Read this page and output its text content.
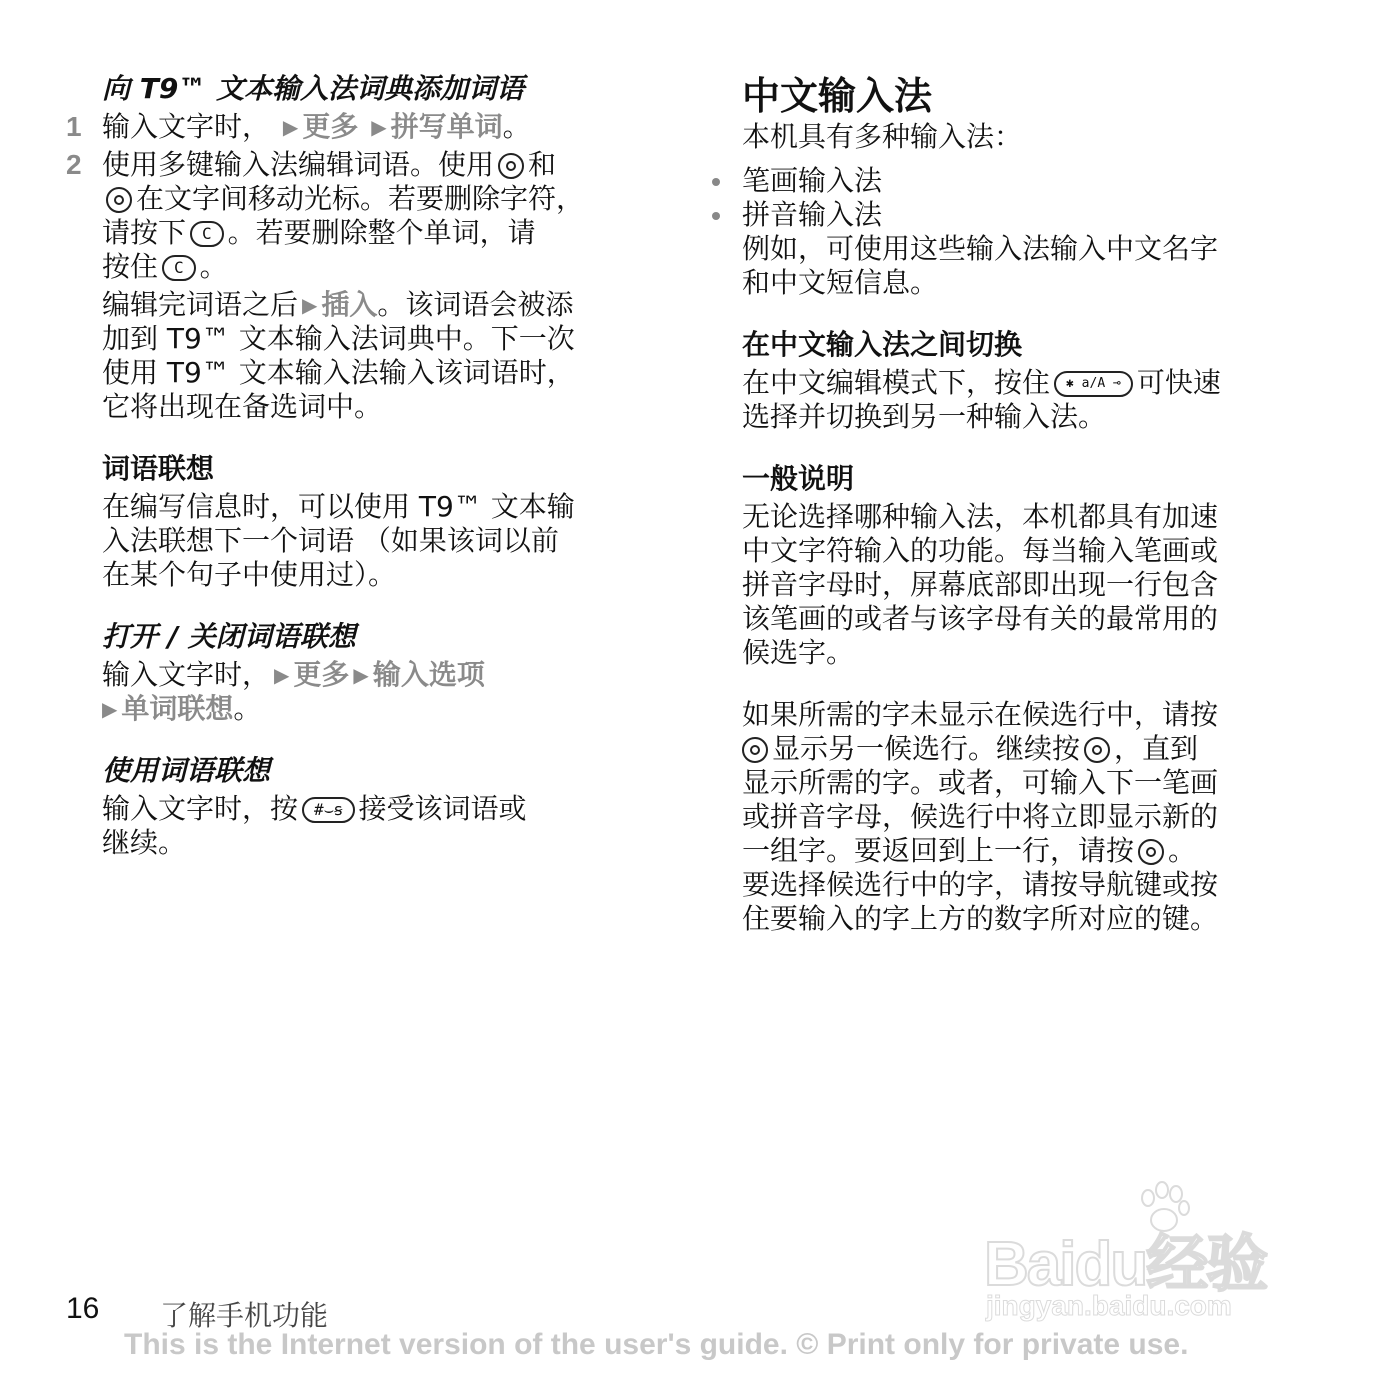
向 T9™ 文本输入法词典添加词语
1 输入文字时， ▶ 更多 ▶ 拼写单词。
2 使用多键输入法编辑词语。使用 和
在文字间移动光标。若要删除字符，
请按下 C 。若要删除整个单词，请
按住 C 。
编辑完词语之后 ▶ 插入。该词语会被添
加到 T9™ 文本输入法词典中。下一次
使用 T9™ 文本输入法输入该词语时，
它将出现在备选词中。
词语联想
在编写信息时，可以使用 T9™ 文本输
入法联想下一个词语 （如果该词以前
在某个句子中使用过）。
打开 / 关闭词语联想
输入文字时， ▶ 更多 ▶ 输入选项
▶ 单词联想。
使用词语联想
输入文字时，按 #⌣ꞩ 接受该词语或
继续。
中文输入法
本机具有多种输入法：
笔画输入法
拼音输入法
例如，可使用这些输入法输入中文名字
和中文短信息。
在中文输入法之间切换
在中文编辑模式下，按住 ✱ a/A ⊸ 可快速
选择并切换到另一种输入法。
一般说明
无论选择哪种输入法，本机都具有加速
中文字符输入的功能。每当输入笔画或
拼音字母时，屏幕底部即出现一行包含
该笔画的或者与该字母有关的最常用的
候选字。
如果所需的字未显示在候选行中，请按
显示另一候选行。继续按 ，直到
显示所需的字。或者，可输入下一笔画
或拼音字母，候选行中将立即显示新的
一组字。要返回到上一行，请按 。
要选择候选行中的字，请按导航键或按
住要输入的字上方的数字所对应的键。
Baidu经验
jingyan.baidu.com
16 了解手机功能
This is the Internet version of the user's guide. © Print only for private use.
